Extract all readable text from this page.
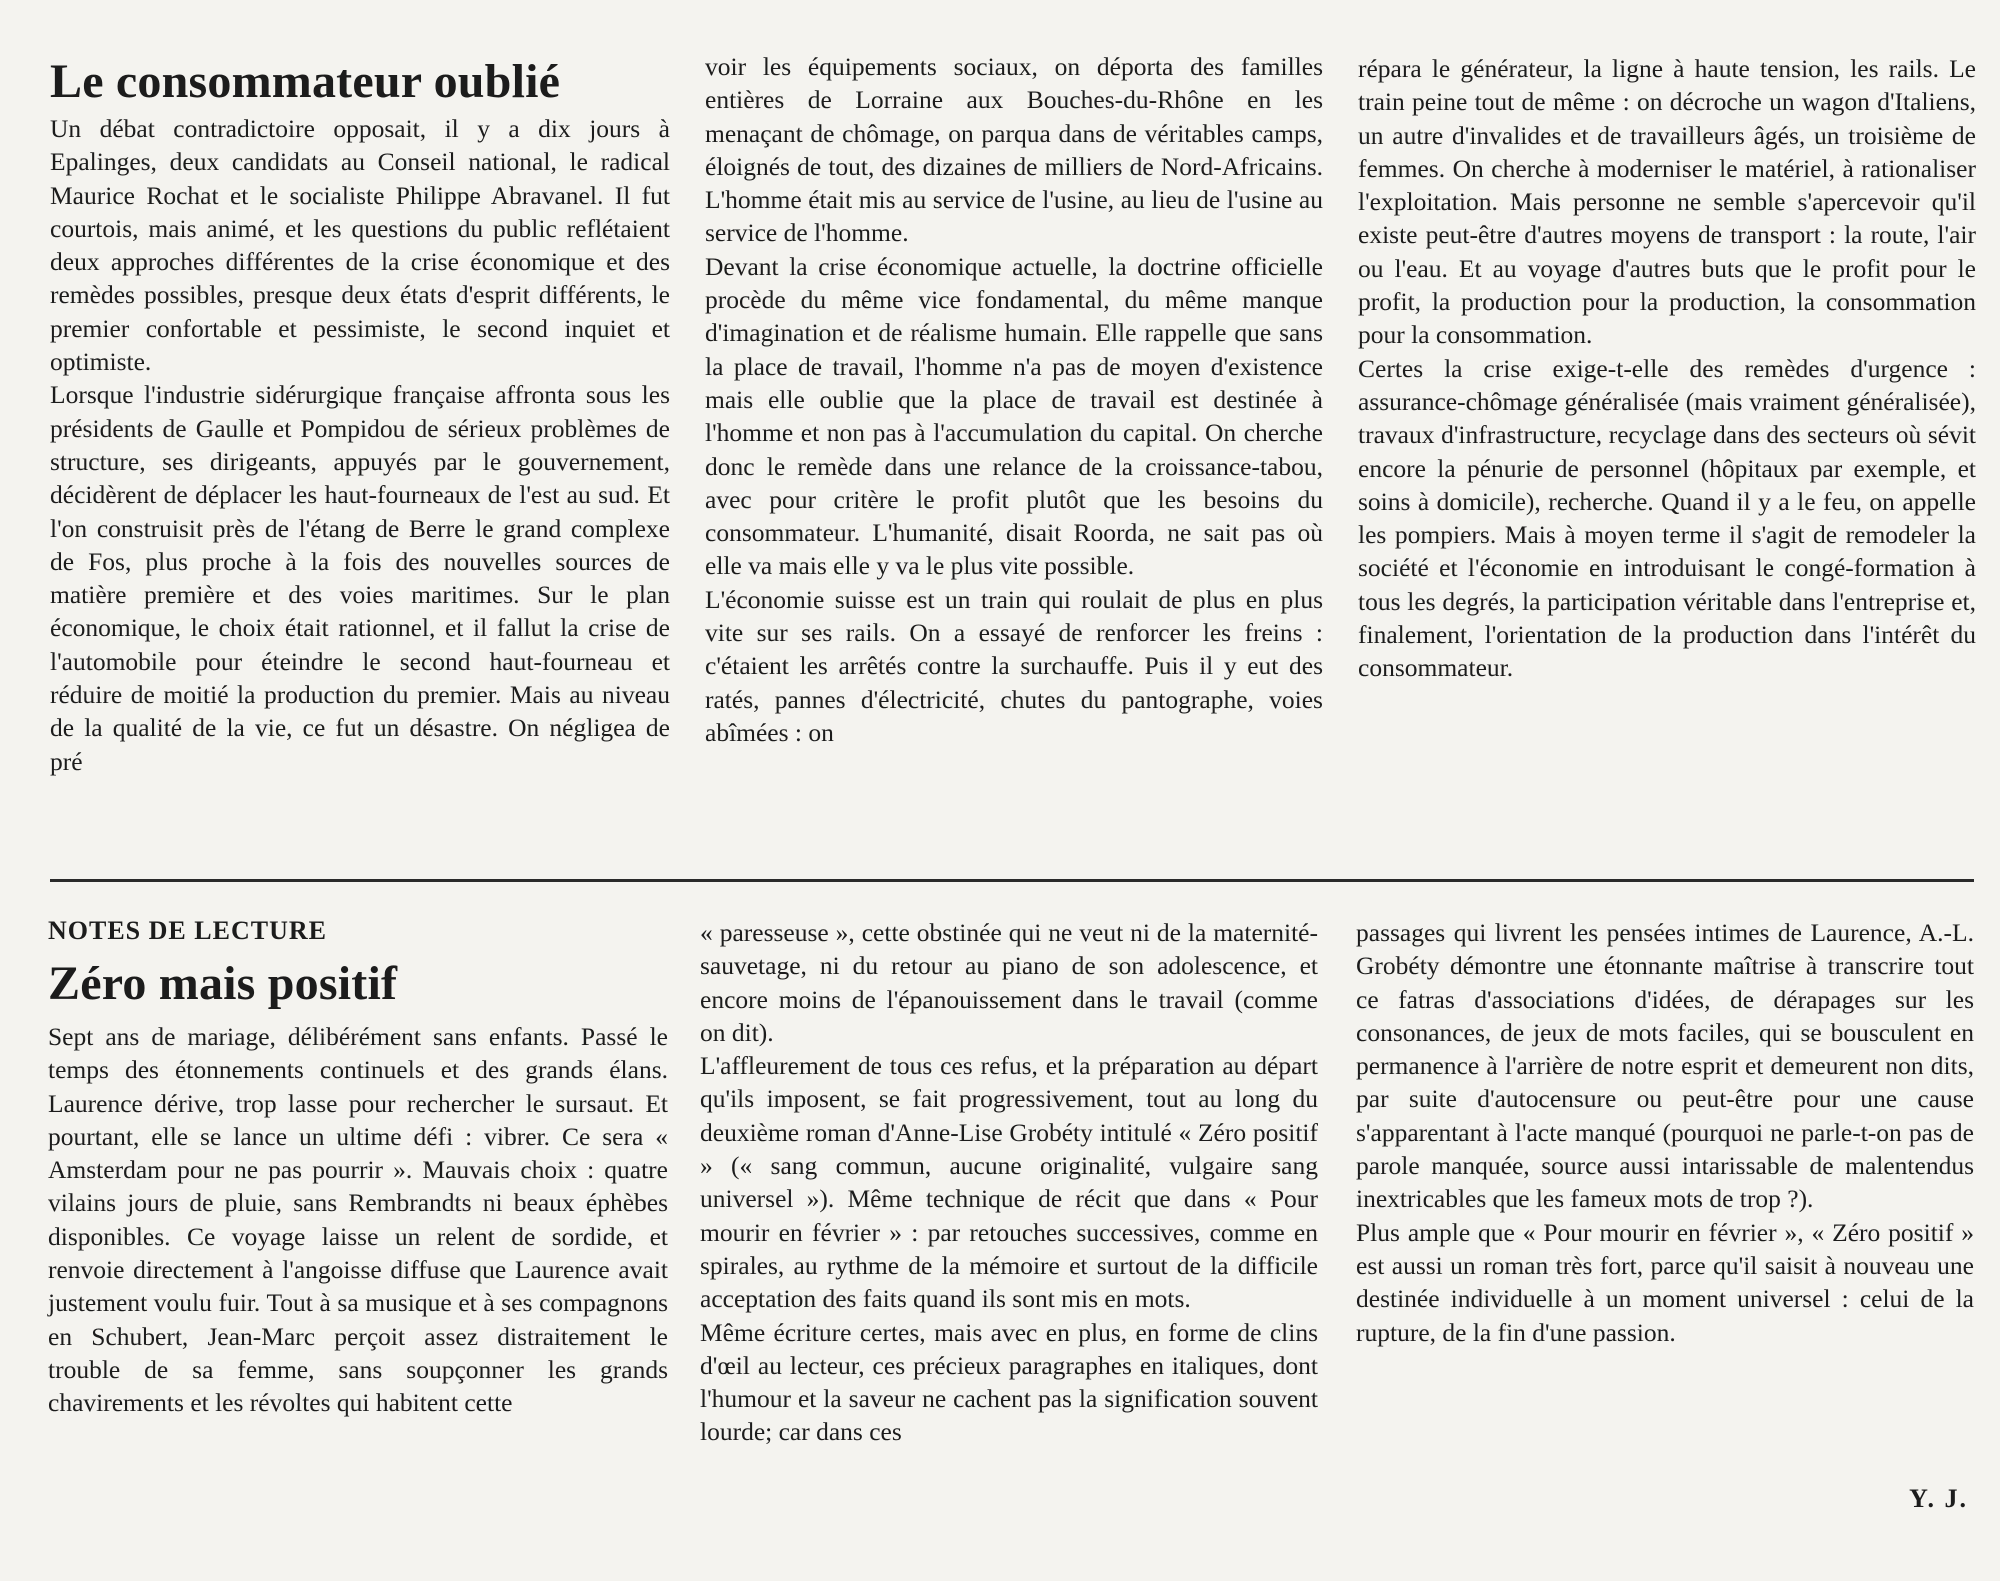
Le consommateur oublié

Un débat contradictoire opposait, il y a dix jours à Epalinges, deux candidats au Conseil national, le radical Maurice Rochat et le socialiste Philippe Abravanel. Il fut courtois, mais animé, et les questions du public reflétaient deux approches différentes de la crise économique et des remèdes possibles, presque deux états d'esprit différents, le premier confortable et pessimiste, le second inquiet et optimiste.

Lorsque l'industrie sidérurgique française affronta sous les présidents de Gaulle et Pompidou de sérieux problèmes de structure, ses dirigeants, appuyés par le gouvernement, décidèrent de déplacer les haut-fourneaux de l'est au sud. Et l'on construisit près de l'étang de Berre le grand complexe de Fos, plus proche à la fois des nouvelles sources de matière première et des voies maritimes. Sur le plan économique, le choix était rationnel, et il fallut la crise de l'automobile pour éteindre le second haut-fourneau et réduire de moitié la production du premier. Mais au niveau de la qualité de la vie, ce fut un désastre. On négligea de pré

voir les équipements sociaux, on déporta des familles entières de Lorraine aux Bouches-du-Rhône en les menaçant de chômage, on parqua dans de véritables camps, éloignés de tout, des dizaines de milliers de Nord-Africains. L'homme était mis au service de l'usine, au lieu de l'usine au service de l'homme.

Devant la crise économique actuelle, la doctrine officielle procède du même vice fondamental, du même manque d'imagination et de réalisme humain. Elle rappelle que sans la place de travail, l'homme n'a pas de moyen d'existence mais elle oublie que la place de travail est destinée à l'homme et non pas à l'accumulation du capital. On cherche donc le remède dans une relance de la croissance-tabou, avec pour critère le profit plutôt que les besoins du consommateur. L'humanité, disait Roorda, ne sait pas où elle va mais elle y va le plus vite possible.

L'économie suisse est un train qui roulait de plus en plus vite sur ses rails. On a essayé de renforcer les freins : c'étaient les arrêtés contre la surchauffe. Puis il y eut des ratés, pannes d'électricité, chutes du pantographe, voies abîmées : on

répara le générateur, la ligne à haute tension, les rails. Le train peine tout de même : on décroche un wagon d'Italiens, un autre d'invalides et de travailleurs âgés, un troisième de femmes. On cherche à moderniser le matériel, à rationaliser l'exploitation. Mais personne ne semble s'apercevoir qu'il existe peut-être d'autres moyens de transport : la route, l'air ou l'eau. Et au voyage d'autres buts que le profit pour le profit, la production pour la production, la consommation pour la consommation.

Certes la crise exige-t-elle des remèdes d'urgence : assurance-chômage généralisée (mais vraiment généralisée), travaux d'infrastructure, recyclage dans des secteurs où sévit encore la pénurie de personnel (hôpitaux par exemple, et soins à domicile), recherche. Quand il y a le feu, on appelle les pompiers. Mais à moyen terme il s'agit de remodeler la société et l'économie en introduisant le congé-formation à tous les degrés, la participation véritable dans l'entreprise et, finalement, l'orientation de la production dans l'intérêt du consommateur.

NOTES DE LECTURE
Zéro mais positif

Sept ans de mariage, délibérément sans enfants. Passé le temps des étonnements continuels et des grands élans. Laurence dérive, trop lasse pour rechercher le sursaut. Et pourtant, elle se lance un ultime défi : vibrer. Ce sera « Amsterdam pour ne pas pourrir ». Mauvais choix : quatre vilains jours de pluie, sans Rembrandts ni beaux éphèbes disponibles. Ce voyage laisse un relent de sordide, et renvoie directement à l'angoisse diffuse que Laurence avait justement voulu fuir. Tout à sa musique et à ses compagnons en Schubert, Jean-Marc perçoit assez distraitement le trouble de sa femme, sans soupçonner les grands chavirements et les révoltes qui habitent cette

« paresseuse », cette obstinée qui ne veut ni de la maternité-sauvetage, ni du retour au piano de son adolescence, et encore moins de l'épanouissement dans le travail (comme on dit).

L'affleurement de tous ces refus, et la préparation au départ qu'ils imposent, se fait progressivement, tout au long du deuxième roman d'Anne-Lise Grobéty intitulé « Zéro positif » (« sang commun, aucune originalité, vulgaire sang universel »). Même technique de récit que dans « Pour mourir en février » : par retouches successives, comme en spirales, au rythme de la mémoire et surtout de la difficile acceptation des faits quand ils sont mis en mots.

Même écriture certes, mais avec en plus, en forme de clins d'œil au lecteur, ces précieux paragraphes en italiques, dont l'humour et la saveur ne cachent pas la signification souvent lourde; car dans ces

passages qui livrent les pensées intimes de Laurence, A.-L. Grobéty démontre une étonnante maîtrise à transcrire tout ce fatras d'associations d'idées, de dérapages sur les consonances, de jeux de mots faciles, qui se bousculent en permanence à l'arrière de notre esprit et demeurent non dits, par suite d'autocensure ou peut-être pour une cause s'apparentant à l'acte manqué (pourquoi ne parle-t-on pas de parole manquée, source aussi intarissable de malentendus inextricables que les fameux mots de trop ?).

Plus ample que « Pour mourir en février », « Zéro positif » est aussi un roman très fort, parce qu'il saisit à nouveau une destinée individuelle à un moment universel : celui de la rupture, de la fin d'une passion.

Y. J.
